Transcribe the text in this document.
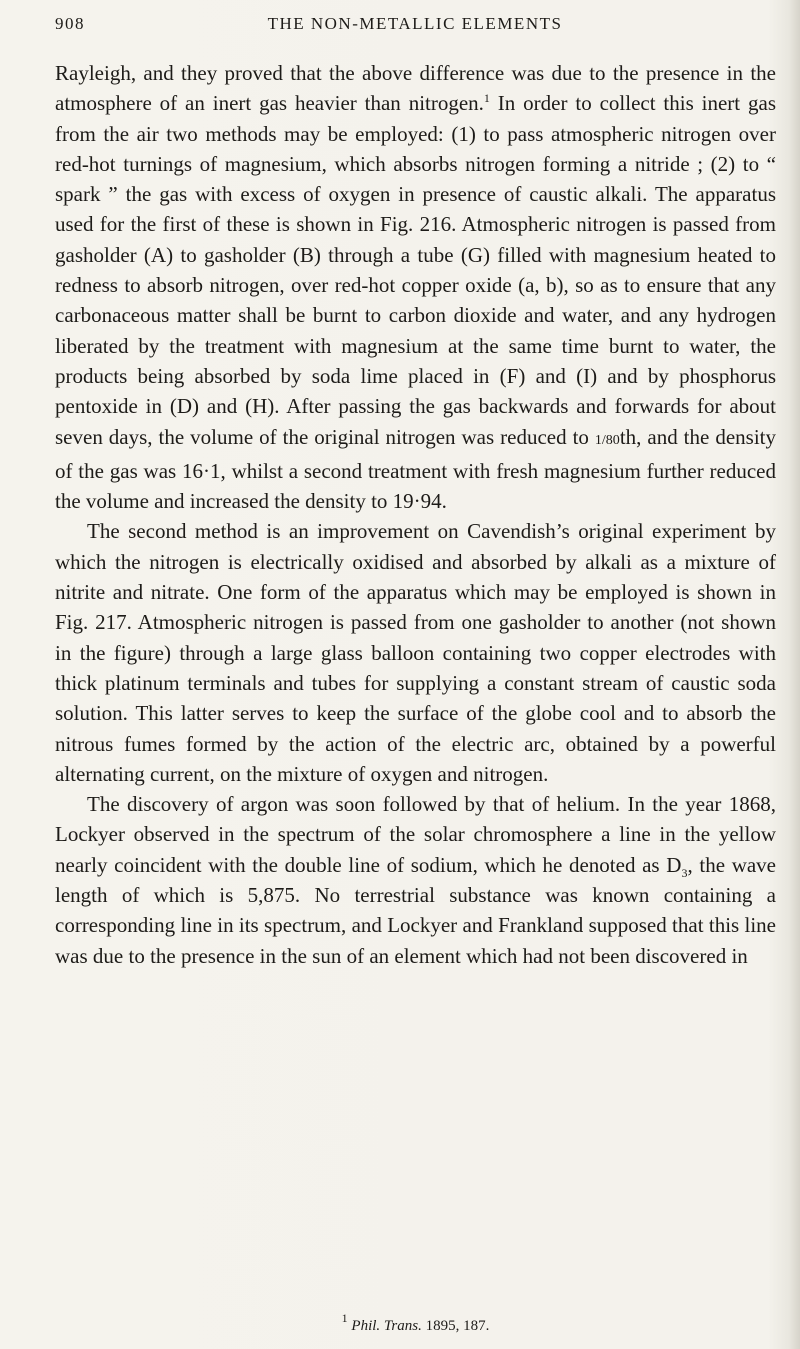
908	THE NON-METALLIC ELEMENTS

Rayleigh, and they proved that the above difference was due to the presence in the atmosphere of an inert gas heavier than nitrogen.$^1$ In order to collect this inert gas from the air two methods may be employed: (1) to pass atmospheric nitrogen over red-hot turnings of magnesium, which absorbs nitrogen forming a nitride ; (2) to “ spark ” the gas with excess of oxygen in presence of caustic alkali. The apparatus used for the first of these is shown in Fig. 216. Atmospheric nitrogen is passed from gasholder (A) to gasholder (B) through a tube (G) filled with magnesium heated to redness to absorb nitrogen, over red-hot copper oxide (a, b), so as to ensure that any carbonaceous matter shall be burnt to carbon dioxide and water, and any hydrogen liberated by the treatment with magnesium at the same time burnt to water, the products being absorbed by soda lime placed in (F) and (I) and by phosphorus pentoxide in (D) and (H). After passing the gas backwards and forwards for about seven days, the volume of the original nitrogen was reduced to 1/80th, and the density of the gas was 16·1, whilst a second treatment with fresh magnesium further reduced the volume and increased the density to 19·94.

The second method is an improvement on Cavendish’s original experiment by which the nitrogen is electrically oxidised and absorbed by alkali as a mixture of nitrite and nitrate. One form of the apparatus which may be employed is shown in Fig. 217. Atmospheric nitrogen is passed from one gasholder to another (not shown in the figure) through a large glass balloon containing two copper electrodes with thick platinum terminals and tubes for supplying a constant stream of caustic soda solution. This latter serves to keep the surface of the globe cool and to absorb the nitrous fumes formed by the action of the electric arc, obtained by a powerful alternating current, on the mixture of oxygen and nitrogen.

The discovery of argon was soon followed by that of helium. In the year 1868, Lockyer observed in the spectrum of the solar chromosphere a line in the yellow nearly coincident with the double line of sodium, which he denoted as $D_3$, the wave length of which is 5,875. No terrestrial substance was known containing a corresponding line in its spectrum, and Lockyer and Frankland supposed that this line was due to the presence in the sun of an element which had not been discovered in

$^1$ Phil. Trans. 1895, 187.
